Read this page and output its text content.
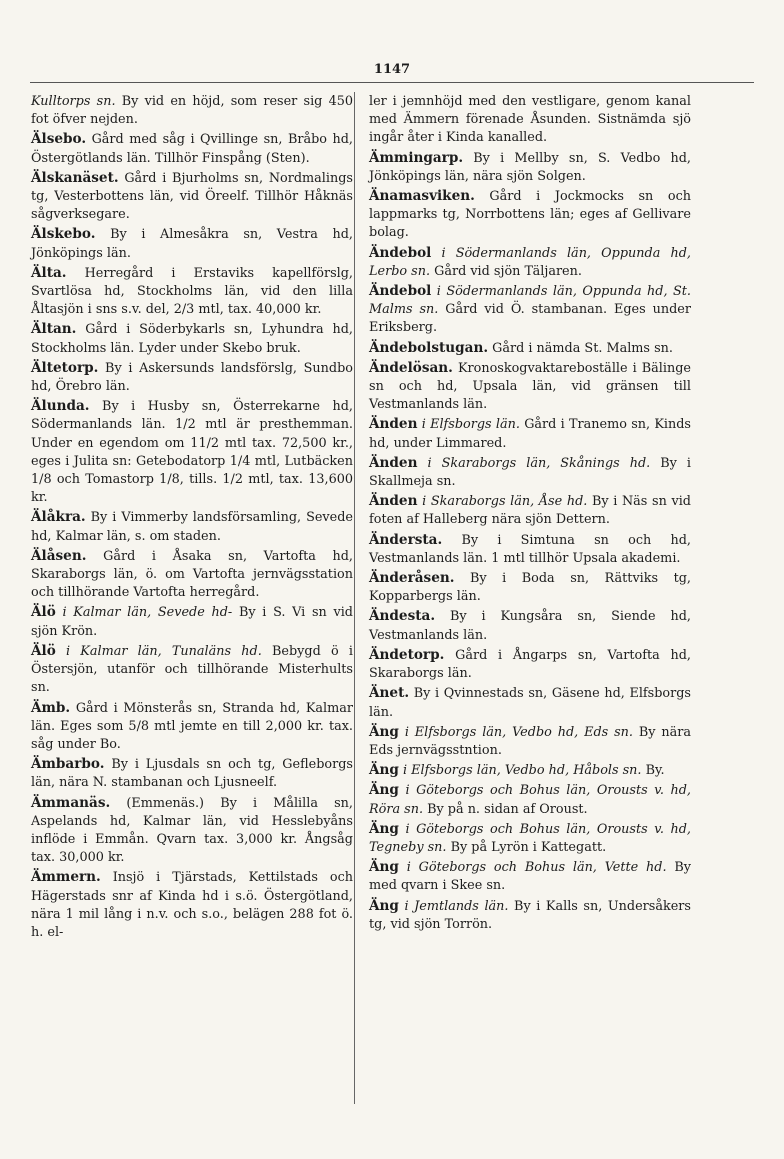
1147

Kulltorps sn. By vid en höjd, som reser sig 450 fot öfver nejden.

Älsebo. Gård med såg i Qvillinge sn, Bråbo hd, Östergötlands län. Tillhör Finspång (Sten).

Älskanäset. Gård i Bjurholms sn, Nordmalings tg, Vesterbottens län, vid Öreelf. Tillhör Håknäs sågverksegare.

Älskebo. By i Almesåkra sn, Vestra hd, Jönköpings län.

Älta. Herregård i Erstaviks kapellförslg, Svartlösa hd, Stockholms län, vid den lilla Åltasjön i sns s.v. del, 2/3 mtl, tax. 40,000 kr.

Ältan. Gård i Söderbykarls sn, Lyhundra hd, Stockholms län. Lyder under Skebo bruk.

Ältetorp. By i Askersunds landsförslg, Sundbo hd, Örebro län.

Älunda. By i Husby sn, Österrekarne hd, Södermanlands län. 1/2 mtl är presthemman. Under en egendom om 11/2 mtl tax. 72,500 kr., eges i Julita sn: Getebodatorp 1/4 mtl, Lutbäcken 1/8 och Tomastorp 1/8, tills. 1/2 mtl, tax. 13,600 kr.

Älåkra. By i Vimmerby landsförsamling, Sevede hd, Kalmar län, s. om staden.

Älåsen. Gård i Åsaka sn, Vartofta hd, Skaraborgs län, ö. om Vartofta jernvägsstation och tillhörande Vartofta herregård.

Älö i Kalmar län, Sevede hd- By i S. Vi sn vid sjön Krön.

Älö i Kalmar län, Tunaläns hd. Bebygd ö i Östersjön, utanför och tillhörande Misterhults sn.

Ämb. Gård i Mönsterås sn, Stranda hd, Kalmar län. Eges som 5/8 mtl jemte en till 2,000 kr. tax. såg under Bo.

Ämbarbo. By i Ljusdals sn och tg, Gefleborgs län, nära N. stambanan och Ljusneelf.

Ämmanäs. (Emmenäs.) By i Målilla sn, Aspelands hd, Kalmar län, vid Hesslebyåns inflöde i Emmån. Qvarn tax. 3,000 kr. Ångsåg tax. 30,000 kr.

Ämmern. Insjö i Tjärstads, Kettilstads och Hägerstads snr af Kinda hd i s.ö. Östergötland, nära 1 mil lång i n.v. och s.o., belägen 288 fot ö. h. el-

ler i jemnhöjd med den vestligare, genom kanal med Ämmern förenade Åsunden. Sistnämda sjö ingår åter i Kinda kanalled.

Ämmingarp. By i Mellby sn, S. Vedbo hd, Jönköpings län, nära sjön Solgen.

Änamasviken. Gård i Jockmocks sn och lappmarks tg, Norrbottens län; eges af Gellivare bolag.

Ändebol i Södermanlands län, Oppunda hd, Lerbo sn. Gård vid sjön Täljaren.

Ändebol i Södermanlands län, Oppunda hd, St. Malms sn. Gård vid Ö. stambanan. Eges under Eriksberg.

Ändebolstugan. Gård i nämda St. Malms sn.

Ändelösan. Kronoskogvaktareboställe i Bälinge sn och hd, Upsala län, vid gränsen till Vestmanlands län.

Änden i Elfsborgs län. Gård i Tranemo sn, Kinds hd, under Limmared.

Änden i Skaraborgs län, Skånings hd. By i Skallmeja sn.

Änden i Skaraborgs län, Åse hd. By i Näs sn vid foten af Halleberg nära sjön Dettern.

Ändersta. By i Simtuna sn och hd, Vestmanlands län. 1 mtl tillhör Upsala akademi.

Änderåsen. By i Boda sn, Rättviks tg, Kopparbergs län.

Ändesta. By i Kungsåra sn, Siende hd, Vestmanlands län.

Ändetorp. Gård i Ångarps sn, Vartofta hd, Skaraborgs län.

Änet. By i Qvinnestads sn, Gäsene hd, Elfsborgs län.

Äng i Elfsborgs län, Vedbo hd, Eds sn. By nära Eds jernvägsstntion.

Äng i Elfsborgs län, Vedbo hd, Håbols sn. By.

Äng i Göteborgs och Bohus län, Orousts v. hd, Röra sn. By på n. sidan af Oroust.

Äng i Göteborgs och Bohus län, Orousts v. hd, Tegneby sn. By på Lyrön i Kattegatt.

Äng i Göteborgs och Bohus län, Vette hd. By med qvarn i Skee sn.

Äng i Jemtlands län. By i Kalls sn, Undersåkers tg, vid sjön Torrön.
